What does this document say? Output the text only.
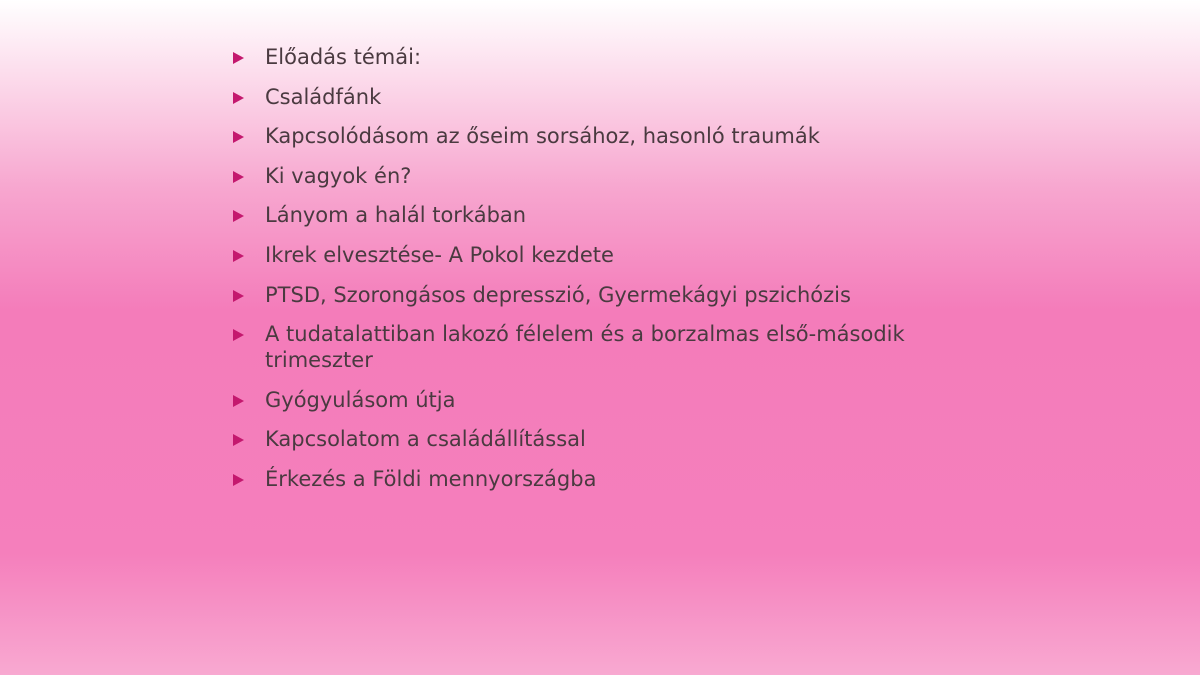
Előadás témái:
Családfánk
Kapcsolódásom az őseim sorsához, hasonló traumák
Ki vagyok én?
Lányom a halál torkában
Ikrek elvesztése- A Pokol kezdete
PTSD, Szorongásos depresszió, Gyermekágyi pszichózis
A tudatalattiban lakozó félelem és a borzalmas első-második trimeszter
Gyógyulásom útja
Kapcsolatom a családállítással
Érkezés a Földi mennyországba
